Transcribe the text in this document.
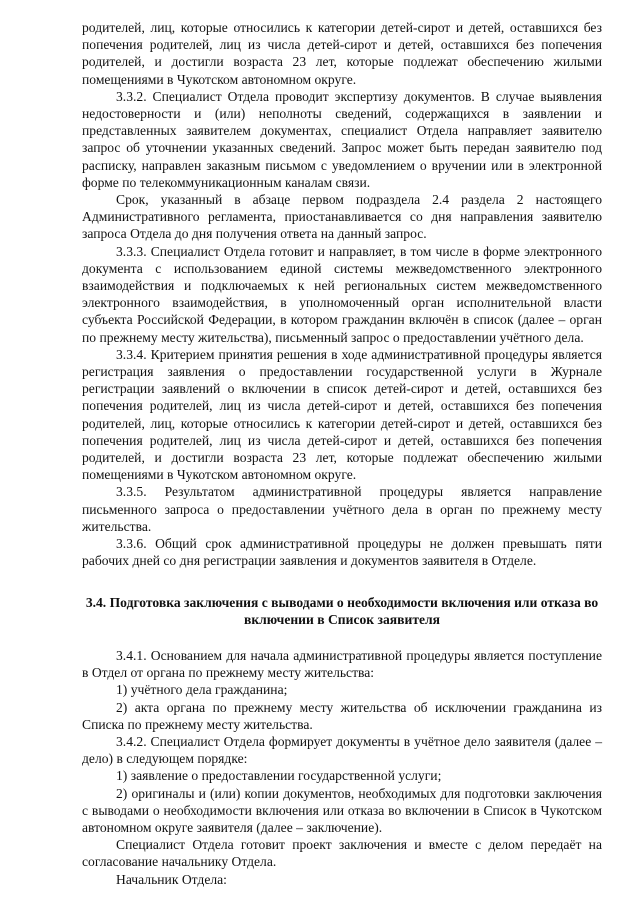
родителей, лиц, которые относились к категории детей-сирот и детей, оставшихся без попечения родителей, лиц из числа детей-сирот и детей, оставшихся без попечения родителей, и достигли возраста 23 лет, которые подлежат обеспечению жилыми помещениями в Чукотском автономном округе.

3.3.2. Специалист Отдела проводит экспертизу документов. В случае выявления недостоверности и (или) неполноты сведений, содержащихся в заявлении и представленных заявителем документах, специалист Отдела направляет заявителю запрос об уточнении указанных сведений. Запрос может быть передан заявителю под расписку, направлен заказным письмом с уведомлением о вручении или в электронной форме по телекоммуникационным каналам связи.

Срок, указанный в абзаце первом подраздела 2.4 раздела 2 настоящего Административного регламента, приостанавливается со дня направления заявителю запроса Отдела до дня получения ответа на данный запрос.

3.3.3. Специалист Отдела готовит и направляет, в том числе в форме электронного документа с использованием единой системы межведомственного электронного взаимодействия и подключаемых к ней региональных систем межведомственного электронного взаимодействия, в уполномоченный орган исполнительной власти субъекта Российской Федерации, в котором гражданин включён в список (далее – орган по прежнему месту жительства), письменный запрос о предоставлении учётного дела.

3.3.4. Критерием принятия решения в ходе административной процедуры является регистрация заявления о предоставлении государственной услуги в Журнале регистрации заявлений о включении в список детей-сирот и детей, оставшихся без попечения родителей, лиц из числа детей-сирот и детей, оставшихся без попечения родителей, лиц, которые относились к категории детей-сирот и детей, оставшихся без попечения родителей, лиц из числа детей-сирот и детей, оставшихся без попечения родителей, и достигли возраста 23 лет, которые подлежат обеспечению жилыми помещениями в Чукотском автономном округе.

3.3.5. Результатом административной процедуры является направление письменного запроса о предоставлении учётного дела в орган по прежнему месту жительства.

3.3.6. Общий срок административной процедуры не должен превышать пяти рабочих дней со дня регистрации заявления и документов заявителя в Отделе.

3.4. Подготовка заключения с выводами о необходимости включения или отказа во включении в Список заявителя

3.4.1. Основанием для начала административной процедуры является поступление в Отдел от органа по прежнему месту жительства:

1) учётного дела гражданина;

2) акта органа по прежнему месту жительства об исключении гражданина из Списка по прежнему месту жительства.

3.4.2. Специалист Отдела формирует документы в учётное дело заявителя (далее – дело) в следующем порядке:

1) заявление о предоставлении государственной услуги;

2) оригиналы и (или) копии документов, необходимых для подготовки заключения с выводами о необходимости включения или отказа во включении в Список в Чукотском автономном округе заявителя (далее – заключение).

Специалист Отдела готовит проект заключения и вместе с делом передаёт на согласование начальнику Отдела.

Начальник Отдела:
